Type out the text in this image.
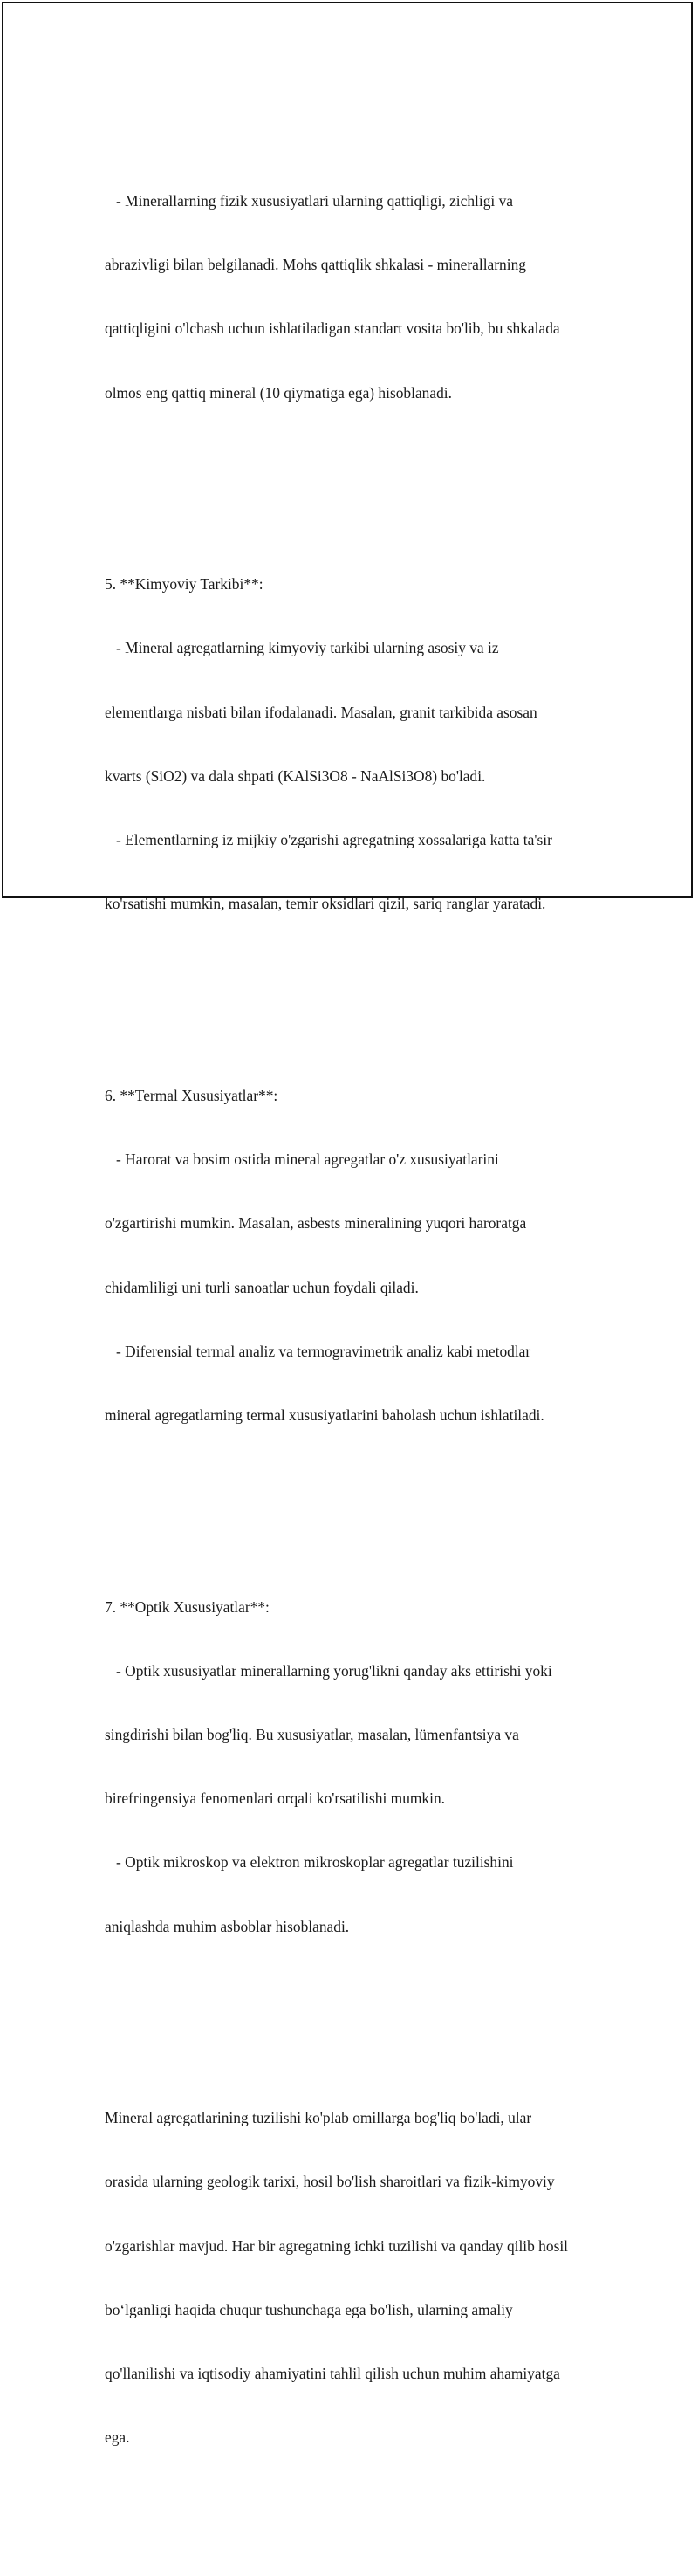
- Minerallarning fizik xususiyatlari ularning qattiqligi, zichligi va

abrazivligi bilan belgilanadi. Mohs qattiqlik shkalasi - minerallarning

qattiqligini o'lchash uchun ishlatiladigan standart vosita bo'lib, bu shkalada

olmos eng qattiq mineral (10 qiymatiga ega) hisoblanadi.

5. **Kimyoviy Tarkibi**:

- Mineral agregatlarning kimyoviy tarkibi ularning asosiy va iz

elementlarga nisbati bilan ifodalanadi. Masalan, granit tarkibida asosan

kvarts (SiO2) va dala shpati (KAlSi3O8 - NaAlSi3O8) bo'ladi.

- Elementlarning iz mijkiy o'zgarishi agregatning xossalariga katta ta'sir

ko'rsatishi mumkin, masalan, temir oksidlari qizil, sariq ranglar yaratadi.

6. **Termal Xususiyatlar**:

- Harorat va bosim ostida mineral agregatlar o'z xususiyatlarini

o'zgartirishi mumkin. Masalan, asbests mineralining yuqori haroratga

chidamliligi uni turli sanoatlar uchun foydali qiladi.

- Diferensial termal analiz va termogravimetrik analiz kabi metodlar

mineral agregatlarning termal xususiyatlarini baholash uchun ishlatiladi.

7. **Optik Xususiyatlar**:

- Optik xususiyatlar minerallarning yorug'likni qanday aks ettirishi yoki

singdirishi bilan bog'liq. Bu xususiyatlar, masalan, lümenfantsiya va

birefringensiya fenomenlari orqali ko'rsatilishi mumkin.

- Optik mikroskop va elektron mikroskoplar agregatlar tuzilishini

aniqlashda muhim asboblar hisoblanadi.

Mineral agregatlarining tuzilishi ko'plab omillarga bog'liq bo'ladi, ular

orasida ularning geologik tarixi, hosil bo'lish sharoitlari va fizik-kimyoviy

o'zgarishlar mavjud. Har bir agregatning ichki tuzilishi va qanday qilib hosil

bo‘lganligi haqida chuqur tushunchaga ega bo'lish, ularning amaliy

qo'llanilishi va iqtisodiy ahamiyatini tahlil qilish uchun muhim ahamiyatga

ega.
